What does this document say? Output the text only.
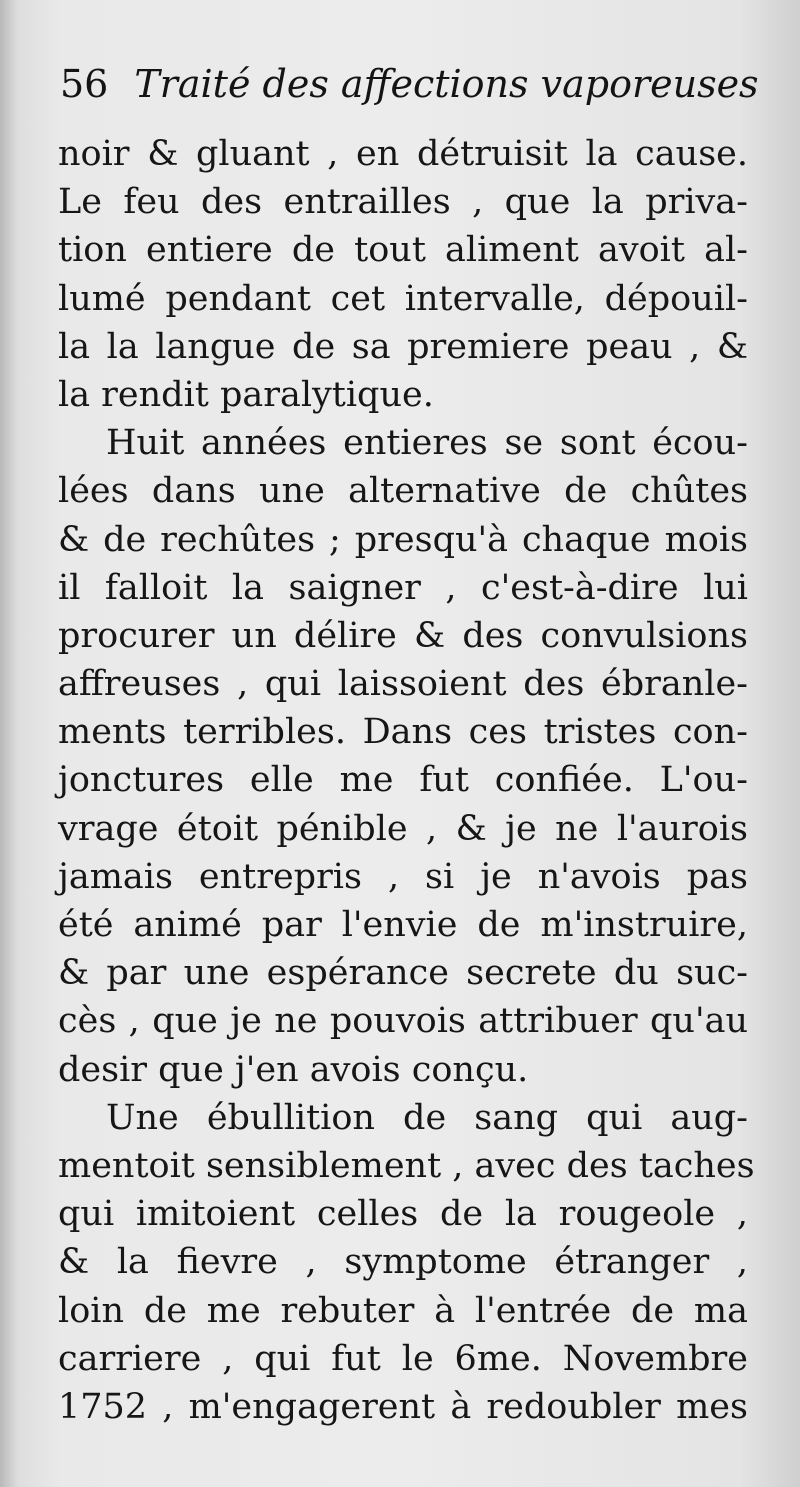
56 Traité des affections vaporeuses
noir & gluant , en détruisit la cause.
Le feu des entrailles , que la priva-
tion entiere de tout aliment avoit al-
lumé pendant cet intervalle, dépouil-
la la langue de sa premiere peau , &
la rendit paralytique.
Huit années entieres se sont écou-
lées dans une alternative de chûtes
& de rechûtes ; presqu'à chaque mois
il falloit la saigner , c'est-à-dire lui
procurer un délire & des convulsions
affreuses , qui laissoient des ébranle-
ments terribles. Dans ces tristes con-
jonctures elle me fut confiée. L'ou-
vrage étoit pénible , & je ne l'aurois
jamais entrepris , si je n'avois pas
été animé par l'envie de m'instruire,
& par une espérance secrete du suc-
cès , que je ne pouvois attribuer qu'au
desir que j'en avois conçu.
Une ébullition de sang qui aug-
mentoit sensiblement , avec des taches
qui imitoient celles de la rougeole ,
& la fievre , symptome étranger ,
loin de me rebuter à l'entrée de ma
carriere , qui fut le 6me. Novembre
1752 , m'engagerent à redoubler mes
